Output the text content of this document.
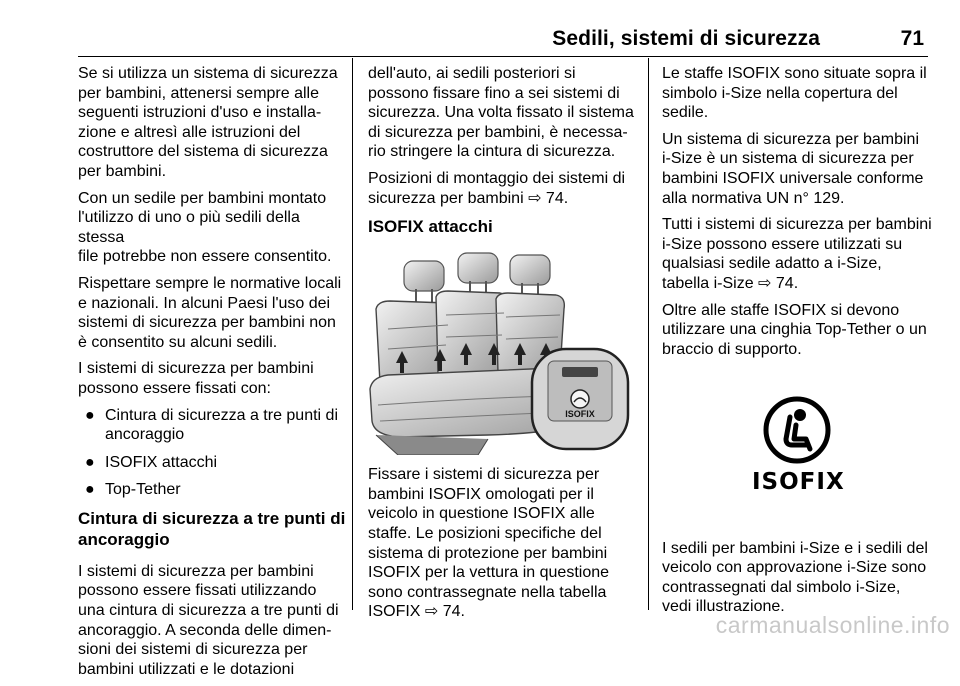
Sedili, sistemi di sicurezza	71

Se si utilizza un sistema di sicurezza
per bambini, attenersi sempre alle
seguenti istruzioni d'uso e installa-
zione e altresì alle istruzioni del
costruttore del sistema di sicurezza
per bambini.

Con un sedile per bambini montato
l'utilizzo di uno o più sedili della stessa
file potrebbe non essere consentito.

Rispettare sempre le normative locali
e nazionali. In alcuni Paesi l'uso dei
sistemi di sicurezza per bambini non
è consentito su alcuni sedili.

I sistemi di sicurezza per bambini
possono essere fissati con:

● Cintura di sicurezza a tre punti di
ancoraggio
● ISOFIX attacchi
● Top-Tether
Cintura di sicurezza a tre punti di
ancoraggio

I sistemi di sicurezza per bambini
possono essere fissati utilizzando
una cintura di sicurezza a tre punti di
ancoraggio. A seconda delle dimen-
sioni dei sistemi di sicurezza per
bambini utilizzati e le dotazioni

dell'auto, ai sedili posteriori si
possono fissare fino a sei sistemi di
sicurezza. Una volta fissato il sistema
di sicurezza per bambini, è necessa-
rio stringere la cintura di sicurezza.

Posizioni di montaggio dei sistemi di
sicurezza per bambini ⇨ 74.

ISOFIX attacchi
ISOFIX

Fissare i sistemi di sicurezza per
bambini ISOFIX omologati per il
veicolo in questione ISOFIX alle
staffe. Le posizioni specifiche del
sistema di protezione per bambini
ISOFIX per la vettura in questione
sono contrassegnate nella tabella
ISOFIX ⇨ 74.

Le staffe ISOFIX sono situate sopra il
simbolo i-Size nella copertura del
sedile.

Un sistema di sicurezza per bambini
i-Size è un sistema di sicurezza per
bambini ISOFIX universale conforme
alla normativa UN n° 129.

Tutti i sistemi di sicurezza per bambini
i-Size possono essere utilizzati su
qualsiasi sedile adatto a i-Size,
tabella i-Size ⇨ 74.

Oltre alle staffe ISOFIX si devono
utilizzare una cinghia Top-Tether o un
braccio di supporto.

ISOFIX

I sedili per bambini i-Size e i sedili del
veicolo con approvazione i-Size sono
contrassegnati dal simbolo i-Size,
vedi illustrazione.

carmanualsonline.info
